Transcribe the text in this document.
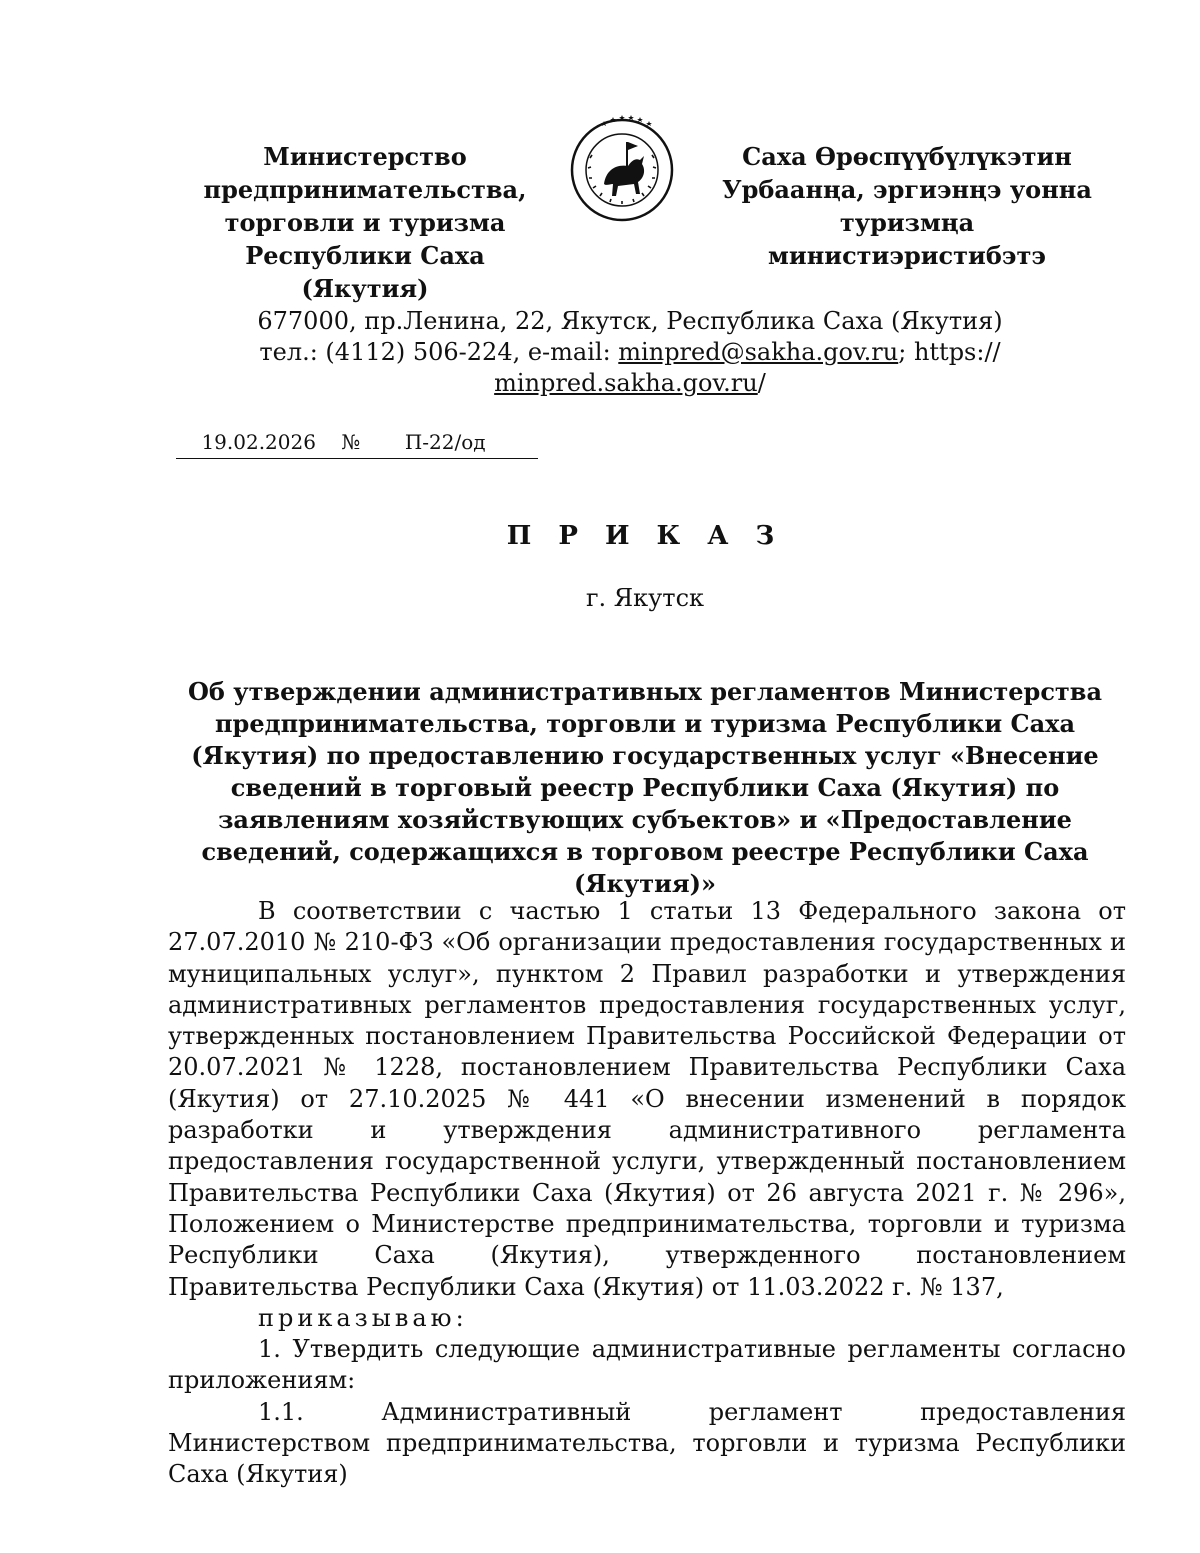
Министерство
предпринимательства,
торговли и туризма
Республики Саха (Якутия)
Саха Өрөспүүбүлүкэтин
Урбаанңа, эргиэнңэ уонна
туризмңа министиэристибэтэ
677000, пр.Ленина, 22, Якутск, Республика Саха (Якутия)
тел.: (4112) 506-224, e-mail: minpred@sakha.gov.ru; https://
minpred.sakha.gov.ru/
19.02.2026 № П-22/од
П Р И К А З
г. Якутск
Об утверждении административных регламентов Министерства предпринимательства, торговли и туризма Республики Саха (Якутия) по предоставлению государственных услуг «Внесение сведений в торговый реестр Республики Саха (Якутия) по заявлениям хозяйствующих субъектов» и «Предоставление сведений, содержащихся в торговом реестре Республики Саха (Якутия)»

В соответствии с частью 1 статьи 13 Федерального закона от 27.07.2010 № 210-ФЗ «Об организации предоставления государственных и муниципальных услуг», пунктом 2 Правил разработки и утверждения административных регламентов предоставления государственных услуг, утвержденных постановлением Правительства Российской Федерации от 20.07.2021 № 1228, постановлением Правительства Республики Саха (Якутия) от 27.10.2025 № 441 «О внесении изменений в порядок разработки и утверждения административного регламента предоставления государственной услуги, утвержденный постановлением Правительства Республики Саха (Якутия) от 26 августа 2021 г. № 296», Положением о Министерстве предпринимательства, торговли и туризма Республики Саха (Якутия), утвержденного постановлением Правительства Республики Саха (Якутия) от 11.03.2022 г. № 137,

приказываю:

1. Утвердить следующие административные регламенты согласно приложениям:

1.1. Административный регламент предоставления Министерством предпринимательства, торговли и туризма Республики Саха (Якутия)
